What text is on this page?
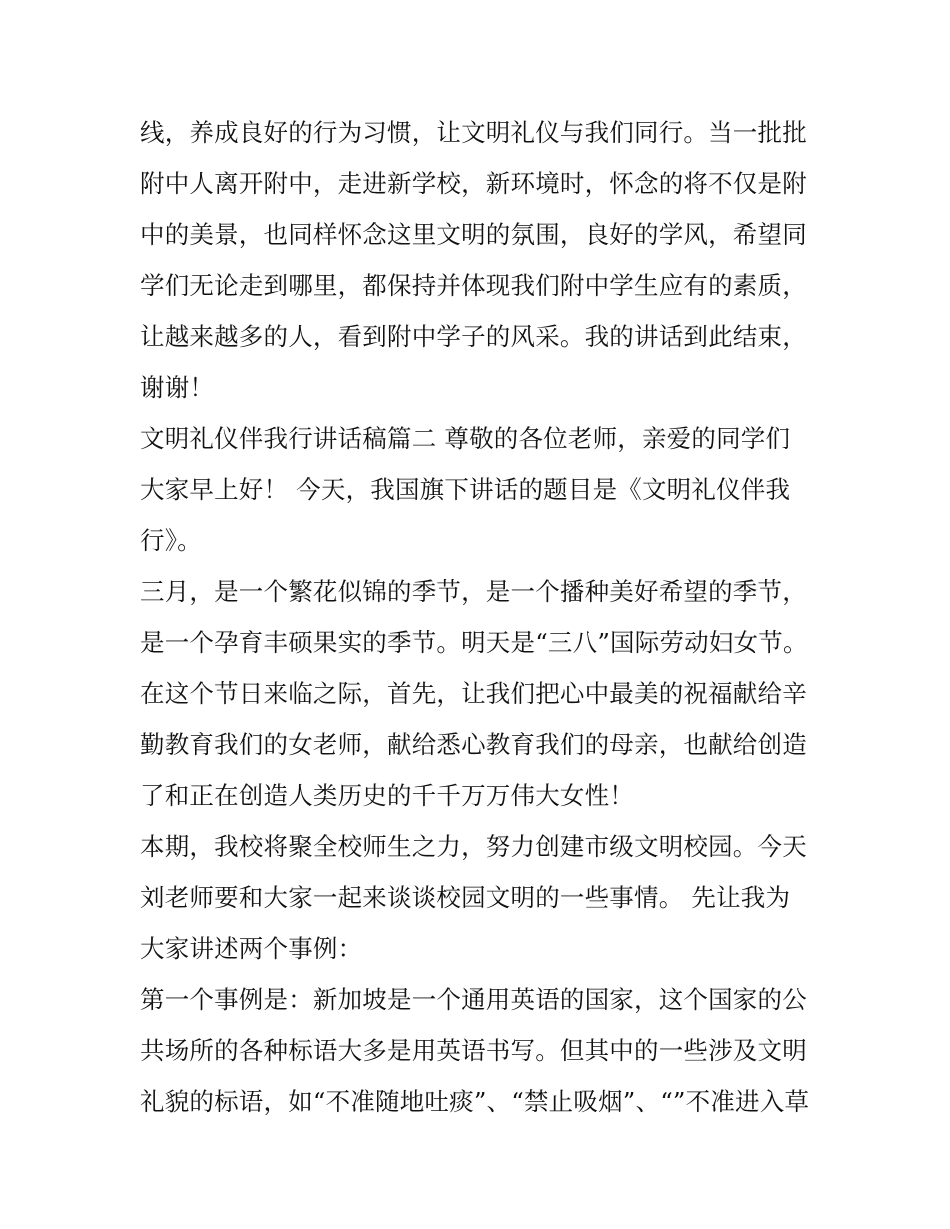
线，养成良好的行为习惯，让文明礼仪与我们同行。当一批批
附中人离开附中，走进新学校，新环境时，怀念的将不仅是附
中的美景，也同样怀念这里文明的氛围，良好的学风，希望同
学们无论走到哪里，都保持并体现我们附中学生应有的素质，
让越来越多的人，看到附中学子的风采。我的讲话到此结束，
谢谢！
文明礼仪伴我行讲话稿篇二 尊敬的各位老师，亲爱的同学们
大家早上好！ 今天，我国旗下讲话的题目是《文明礼仪伴我
行》。
三月，是一个繁花似锦的季节，是一个播种美好希望的季节，
是一个孕育丰硕果实的季节。明天是“三八”国际劳动妇女节。
在这个节日来临之际，首先，让我们把心中最美的祝福献给辛
勤教育我们的女老师，献给悉心教育我们的母亲，也献给创造
了和正在创造人类历史的千千万万伟大女性！
本期，我校将聚全校师生之力，努力创建市级文明校园。今天
刘老师要和大家一起来谈谈校园文明的一些事情。 先让我为
大家讲述两个事例：
第一个事例是：新加坡是一个通用英语的国家，这个国家的公
共场所的各种标语大多是用英语书写。但其中的一些涉及文明
礼貌的标语，如“不准随地吐痰”、“禁止吸烟”、“”不准进入草
